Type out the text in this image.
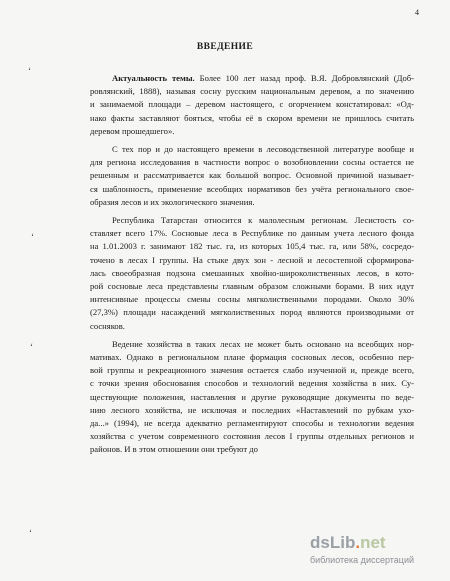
4
ВВЕДЕНИЕ
‘
‘
‘
‘
Актуальность темы. Более 100 лет назад проф. В.Я. Добровлянский (Доб-
ровлянский, 1888), называя сосну русским национальным деревом, а по значению
и занимаемой площади – деревом настоящего, с огорчением констатировал: «Од-
нако факты заставляют бояться, чтобы её в скором времени не пришлось считать
деревом прошедшего».
С тех пор и до настоящего времени в лесоводственной литературе вообще и
для региона исследования в частности вопрос о возобновлении сосны остается не
решенным и рассматривается как большой вопрос. Основной причиной называет-
ся шаблонность, применение всеобщих нормативов без учёта регионального свое-
образия лесов и их экологического значения.
Республика Татарстан относится к малолесным регионам. Лесистость со-
ставляет всего 17%. Сосновые леса в Республике по данным учета лесного фонда
на 1.01.2003 г. занимают 182 тыс. га, из которых 105,4 тыс. га, или 58%, сосредо-
точено в лесах I группы. На стыке двух зон - лесной и лесостепной сформирова-
лась своеобразная подзона смешанных хвойно-широколиственных лесов, в кото-
рой сосновые леса представлены главным образом сложными борами. В них идут
интенсивные процессы смены сосны мягколиственными породами. Около 30%
(27,3%) площади насаждений мягколиственных пород являются производными от
сосняков.
Ведение хозяйства в таких лесах не может быть основано на всеобщих нор-
мативах. Однако в региональном плане формация сосновых лесов, особенно пер-
вой группы и рекреационного значения остается слабо изученной и, прежде всего,
с точки зрения обоснования способов и технологий ведения хозяйства в них. Су-
ществующие положения, наставления и другие руководящие документы по веде-
нию лесного хозяйства, не исключая и последних «Наставлений по рубкам ухо-
да...» (1994), не всегда адекватно регламентируют способы и технологии ведения
хозяйства с учетом современного состояния лесов I группы отдельных регионов и
районов. И в этом отношении они требуют до
dsLib.net
библиотека диссертаций
